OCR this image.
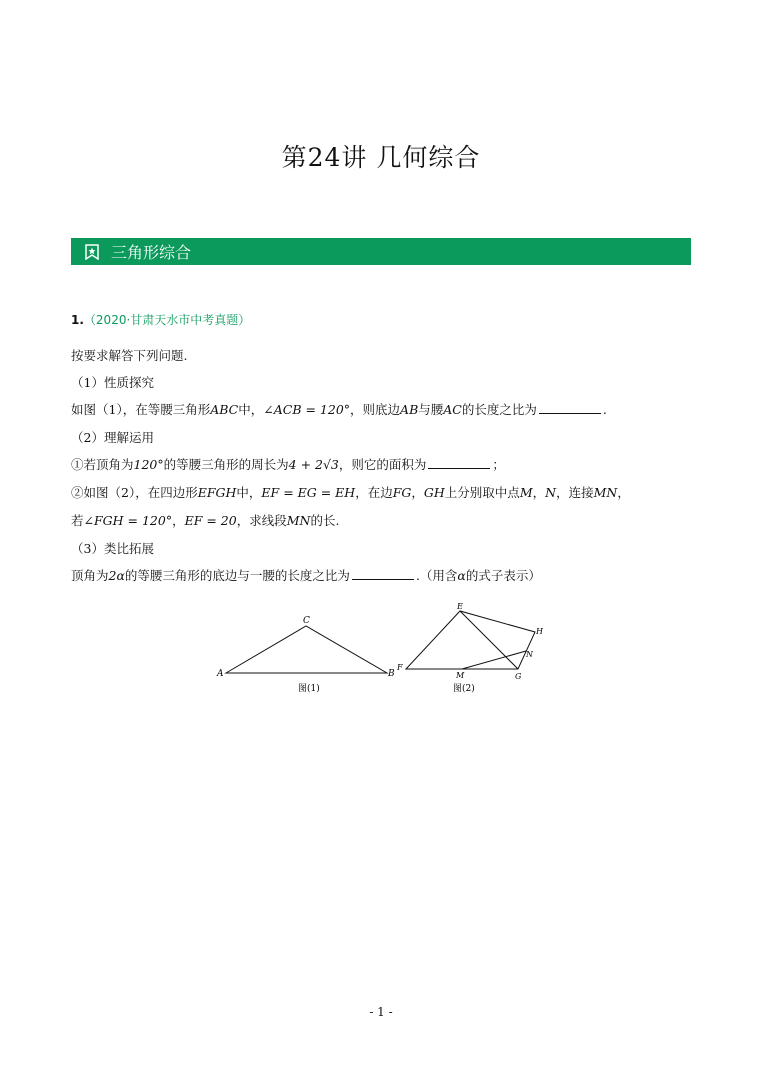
第24讲 几何综合
三角形综合
1.（2020·甘肃天水市中考真题）
按要求解答下列问题.
（1）性质探究
如图（1），在等腰三角形ABC中，∠ACB = 120°，则底边AB与腰AC的长度之比为	.
（2）理解运用
①若顶角为120°的等腰三角形的周长为4 + 2√3，则它的面积为	；
②如图（2），在四边形EFGH中，EF = EG = EH，在边FG，GH上分别取中点M，N，连接MN，
若∠FGH = 120°，EF = 20，求线段MN的长.
（3）类比拓展
顶角为2α的等腰三角形的底边与一腰的长度之比为	.（用含α的式子表示）
A	B
C
图(1)
E
F
G
H
M
N
图(2)
- 1 -
